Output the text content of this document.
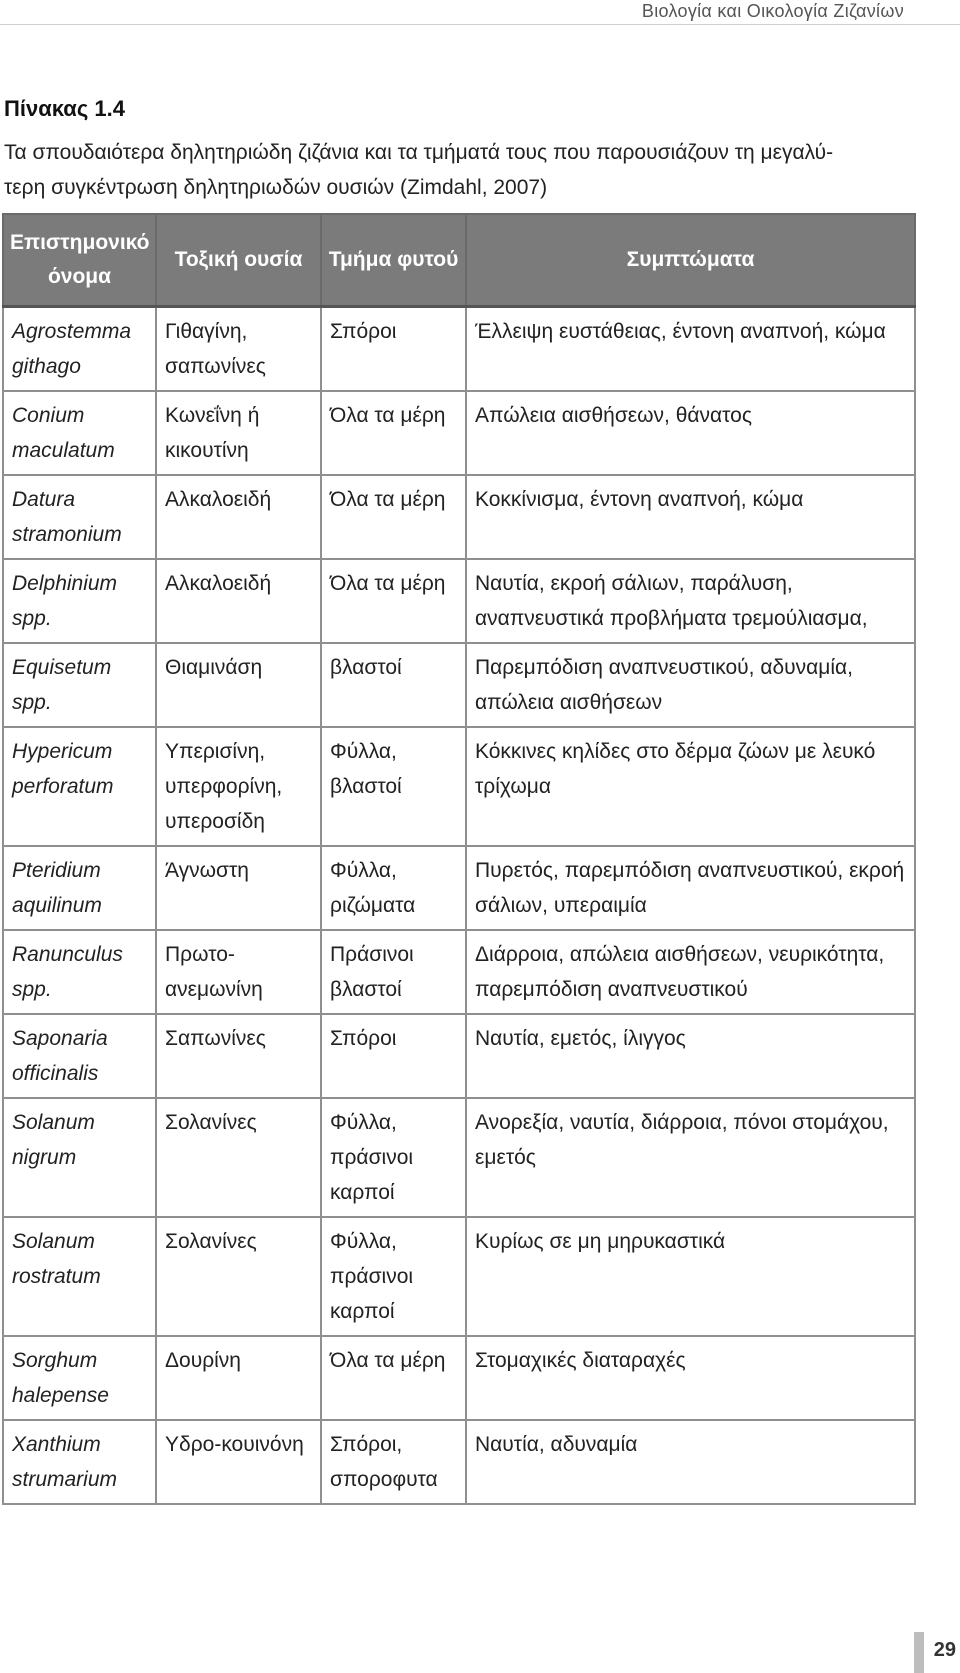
Βιολογία και Οικολογία Ζιζανίων
Πίνακας 1.4
Τα σπουδαιότερα δηλητηριώδη ζιζάνια και τα τμήματά τους που παρουσιάζουν τη μεγαλύ-
τερη συγκέντρωση δηλητηριωδών ουσιών (Zimdahl, 2007)
Επιστημονικό όνομα	Τοξική ουσία	Τμήμα φυτού	Συμπτώματα
Agrostemma githago	Γιθαγίνη, σαπωνίνες	Σπόροι	Έλλειψη ευστάθειας, έντονη αναπνοή, κώμα
Conium maculatum	Κωνεΐνη ή κικουτίνη	Όλα τα μέρη	Απώλεια αισθήσεων, θάνατος
Datura stramonium	Αλκαλοειδή	Όλα τα μέρη	Κοκκίνισμα, έντονη αναπνοή, κώμα
Delphinium spp.	Αλκαλοειδή	Όλα τα μέρη	Ναυτία, εκροή σάλιων, παράλυση, αναπνευστικά προβλήματα τρεμούλιασμα,
Equisetum spp.	Θιαμινάση	βλαστοί	Παρεμπόδιση αναπνευστικού, αδυναμία, απώλεια αισθήσεων
Hypericum perforatum	Υπερισίνη, υπερφορίνη, υπεροσίδη	Φύλλα, βλαστοί	Κόκκινες κηλίδες στο δέρμα ζώων με λευκό τρίχωμα
Pteridium aquilinum	Άγνωστη	Φύλλα, ριζώματα	Πυρετός, παρεμπόδιση αναπνευστικού, εκροή σάλιων, υπεραιμία
Ranunculus spp.	Πρωτο-ανεμωνίνη	Πράσινοι βλαστοί	Διάρροια, απώλεια αισθήσεων, νευρικότητα, παρεμπόδιση αναπνευστικού
Saponaria officinalis	Σαπωνίνες	Σπόροι	Ναυτία, εμετός, ίλιγγος
Solanum nigrum	Σολανίνες	Φύλλα, πράσινοι καρποί	Ανορεξία, ναυτία, διάρροια, πόνοι στομάχου, εμετός
Solanum rostratum	Σολανίνες	Φύλλα, πράσινοι καρποί	Κυρίως σε μη μηρυκαστικά
Sorghum halepense	Δουρίνη	Όλα τα μέρη	Στομαχικές διαταραχές
Xanthium strumarium	Υδρο-κουινόνη	Σπόροι, σποροφυτα	Ναυτία, αδυναμία
29
